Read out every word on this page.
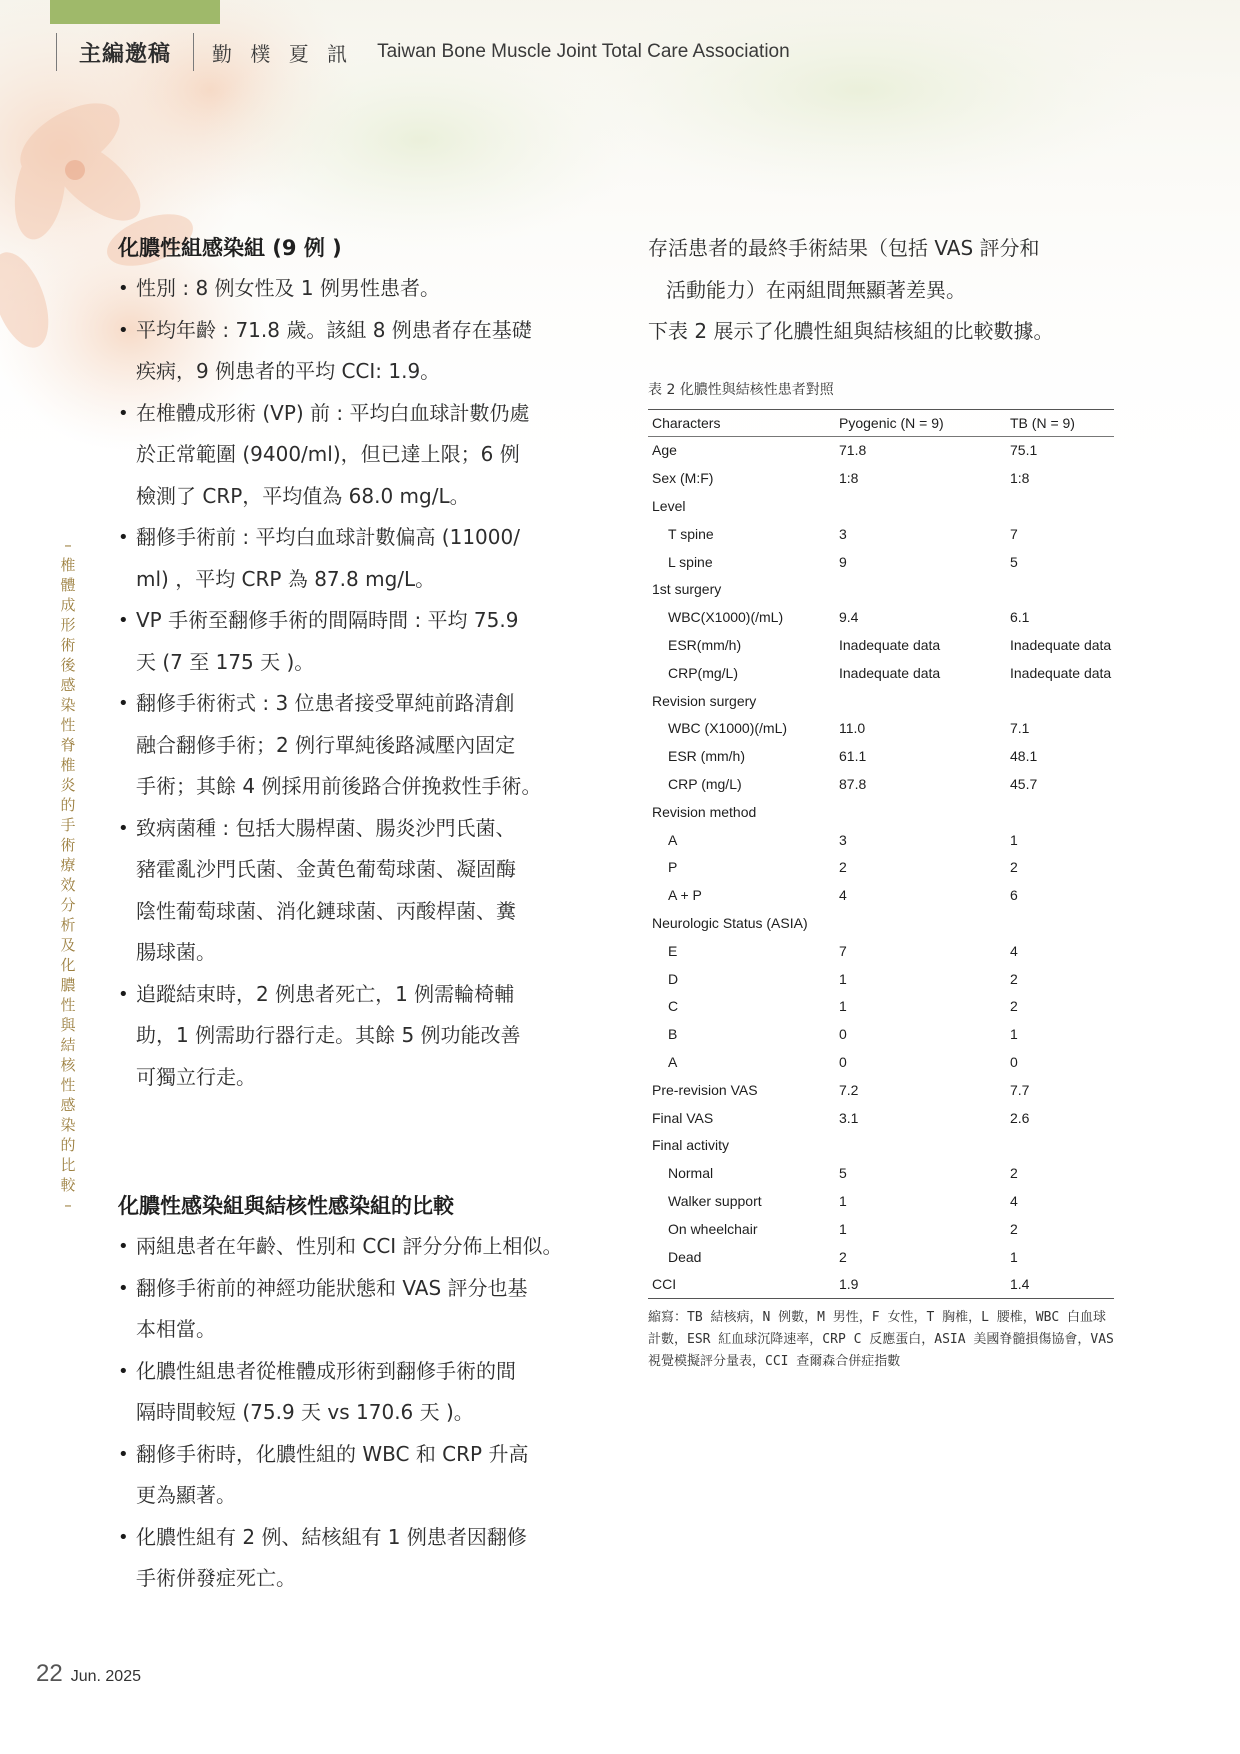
主編邀稿 勤 樸 夏 訊 Taiwan Bone Muscle Joint Total Care Association
–
椎
體
成
形
術
後
感
染
性
脊
椎
炎
的
手
術
療
效
分
析
及
化
膿
性
與
結
核
性
感
染
的
比
較
–
化膿性組感染組 (9 例 )

• 性別 : 8 例女性及 1 例男性患者。

• 平均年齡 : 71.8 歲。該組 8 例患者存在基礎

疾病，9 例患者的平均 CCI: 1.9。

• 在椎體成形術 (VP) 前 : 平均白血球計數仍處

於正常範圍 (9400/ml)，但已達上限；6 例

檢測了 CRP，平均值為 68.0 mg/L。

• 翻修手術前 : 平均白血球計數偏高 (11000/

ml) ，平均 CRP 為 87.8 mg/L。

• VP 手術至翻修手術的間隔時間 : 平均 75.9

天 (7 至 175 天 )。

• 翻修手術術式 : 3 位患者接受單純前路清創

融合翻修手術；2 例行單純後路減壓內固定

手術；其餘 4 例採用前後路合併挽救性手術。

• 致病菌種 : 包括大腸桿菌、腸炎沙門氏菌、

豬霍亂沙門氏菌、金黃色葡萄球菌、凝固酶

陰性葡萄球菌、消化鏈球菌、丙酸桿菌、糞

腸球菌。

• 追蹤結束時，2 例患者死亡，1 例需輪椅輔

助，1 例需助行器行走。其餘 5 例功能改善

可獨立行走。

化膿性感染組與結核性感染組的比較

• 兩組患者在年齡、性別和 CCI 評分分佈上相似。

• 翻修手術前的神經功能狀態和 VAS 評分也基

本相當。

• 化膿性組患者從椎體成形術到翻修手術的間

隔時間較短 (75.9 天 vs 170.6 天 )。

• 翻修手術時，化膿性組的 WBC 和 CRP 升高

更為顯著。

• 化膿性組有 2 例、結核組有 1 例患者因翻修

手術併發症死亡。

存活患者的最終手術結果（包括 VAS 評分和

活動能力）在兩組間無顯著差異。

下表 2 展示了化膿性組與結核組的比較數據。

表 2 化膿性與結核性患者對照
Characters	Pyogenic (N = 9)	TB (N = 9)
Age	71.8	75.1
Sex (M:F)	1:8	1:8
Level		
T spine	3	7
L spine	9	5
1st surgery		
WBC(X1000)(/mL)	9.4	6.1
ESR(mm/h)	Inadequate data	Inadequate data
CRP(mg/L)	Inadequate data	Inadequate data
Revision surgery		
WBC (X1000)(/mL)	11.0	7.1
ESR (mm/h)	61.1	48.1
CRP (mg/L)	87.8	45.7
Revision method		
A	3	1
P	2	2
A + P	4	6
Neurologic Status (ASIA)		
E	7	4
D	1	2
C	1	2
B	0	1
A	0	0
Pre-revision VAS	7.2	7.7
Final VAS	3.1	2.6
Final activity		
Normal	5	2
Walker support	1	4
On wheelchair	1	2
Dead	2	1
CCI	1.9	1.4
縮寫：TB 結核病，N 例數，M 男性，F 女性，T 胸椎，L 腰椎，WBC 白血球計數，ESR 紅血球沉降速率，CRP C 反應蛋白，ASIA 美國脊髓損傷協會，VAS 視覺模擬評分量表，CCI 查爾森合併症指數
22 Jun. 2025
